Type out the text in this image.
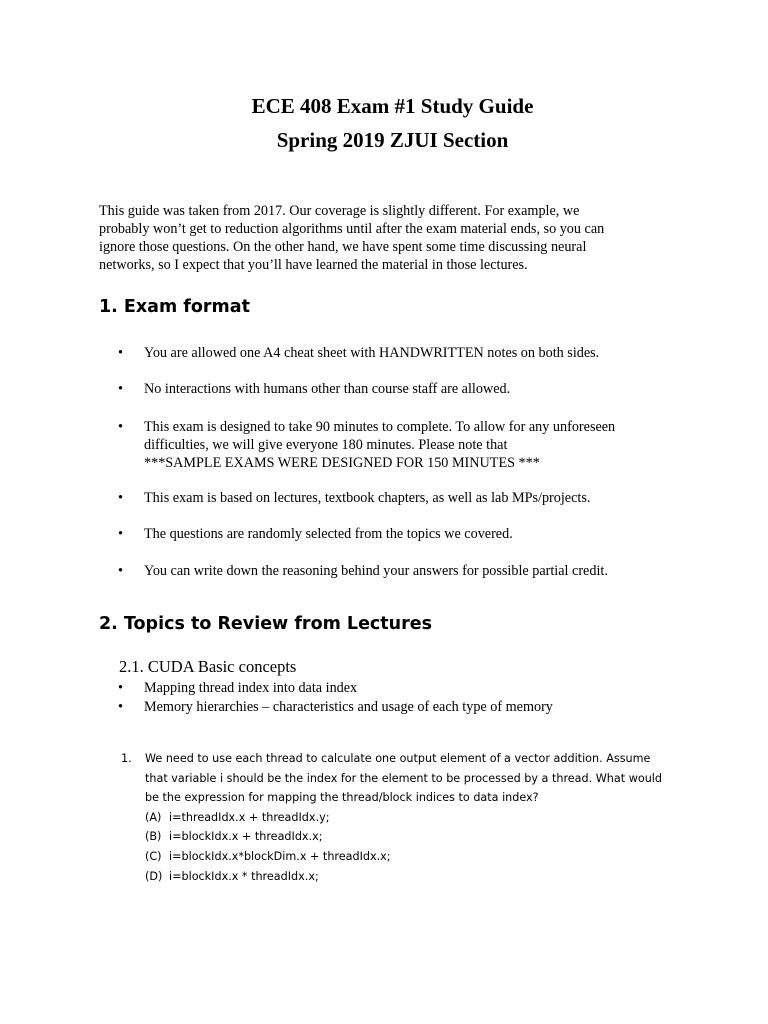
ECE 408 Exam #1 Study Guide
Spring 2019 ZJUI Section
This guide was taken from 2017. Our coverage is slightly different. For example, we
probably won’t get to reduction algorithms until after the exam material ends, so you can
ignore those questions. On the other hand, we have spent some time discussing neural
networks, so I expect that you’ll have learned the material in those lectures.
1. Exam format
•	You are allowed one A4 cheat sheet with HANDWRITTEN notes on both sides.
•	No interactions with humans other than course staff are allowed.
•	This exam is designed to take 90 minutes to complete. To allow for any unforeseen
difficulties, we will give everyone 180 minutes. Please note that
***SAMPLE EXAMS WERE DESIGNED FOR 150 MINUTES ***
•	This exam is based on lectures, textbook chapters, as well as lab MPs/projects.
•	The questions are randomly selected from the topics we covered.
•	You can write down the reasoning behind your answers for possible partial credit.
2. Topics to Review from Lectures
2.1. CUDA Basic concepts
•	Mapping thread index into data index
•	Memory hierarchies – characteristics and usage of each type of memory
1. We need to use each thread to calculate one output element of a vector addition. Assume
that variable i should be the index for the element to be processed by a thread. What would
be the expression for mapping the thread/block indices to data index?
(A) i=threadIdx.x + threadIdx.y;
(B) i=blockIdx.x + threadIdx.x;
(C) i=blockIdx.x*blockDim.x + threadIdx.x;
(D) i=blockIdx.x * threadIdx.x;
